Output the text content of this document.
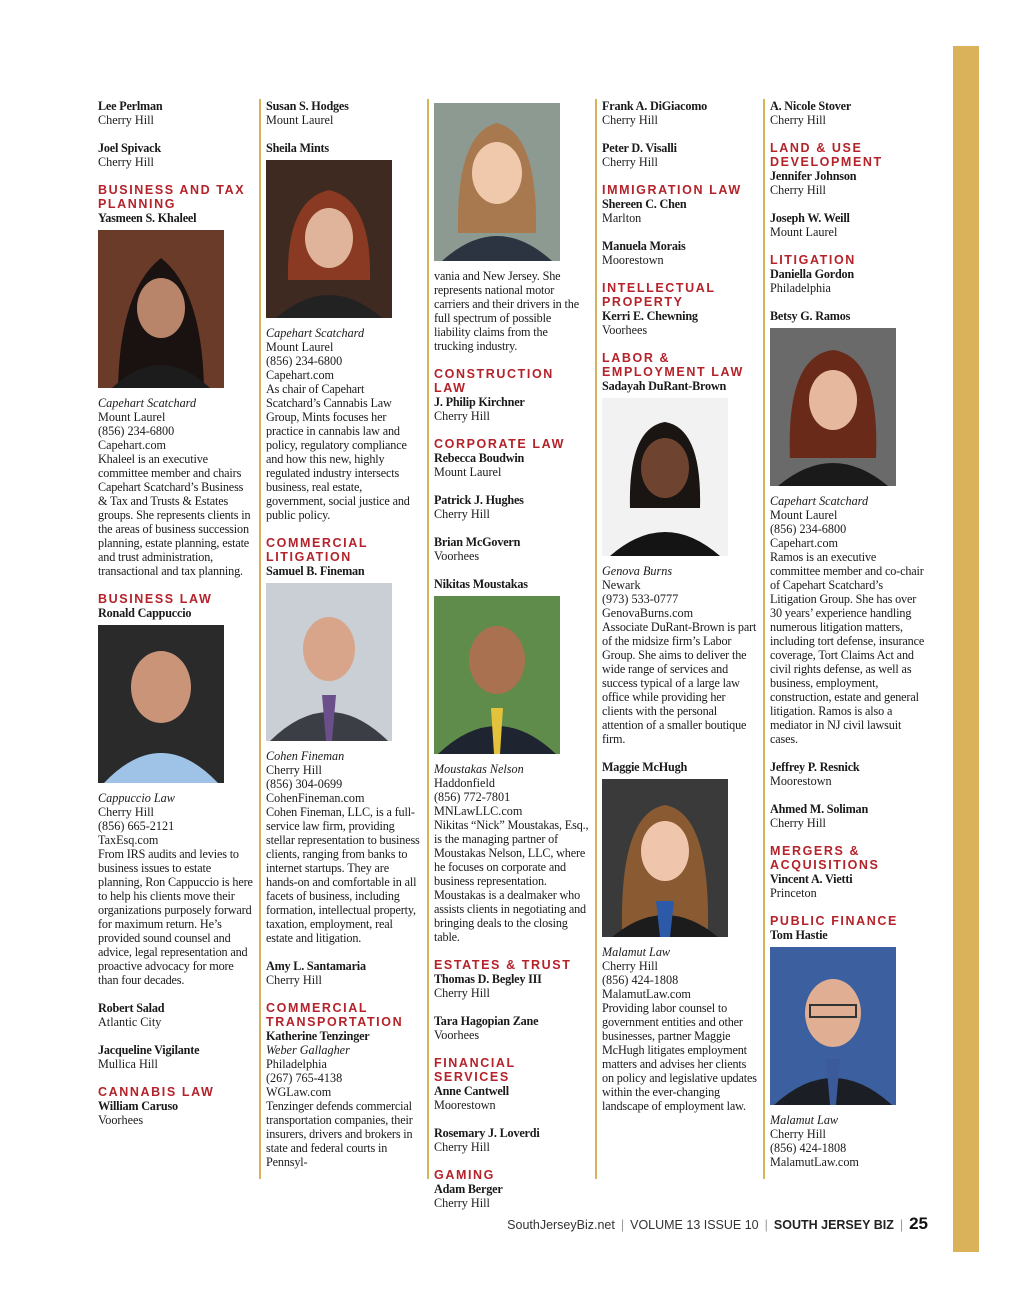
Lee Perlman
Cherry Hill
Joel Spivack
Cherry Hill
BUSINESS AND TAX PLANNING
Yasmeen S. Khaleel
Capehart Scatchard
Mount Laurel
(856) 234-6800
Capehart.com
Khaleel is an executive committee member and chairs Capehart Scatchard’s Business & Tax and Trusts & Estates groups. She represents clients in the areas of business succession planning, estate planning, estate and trust administration, transactional and tax planning.
BUSINESS LAW
Ronald Cappuccio
Cappuccio Law
Cherry Hill
(856) 665-2121
TaxEsq.com
From IRS audits and levies to business issues to estate planning, Ron Cappuccio is here to help his clients move their organizations purposely forward for maximum return. He’s provided sound counsel and advice, legal representation and proactive advocacy for more than four decades.
Robert Salad
Atlantic City
Jacqueline Vigilante
Mullica Hill
CANNABIS LAW
William Caruso
Voorhees
Susan S. Hodges
Mount Laurel
Sheila Mints
Capehart Scatchard
Mount Laurel
(856) 234-6800
Capehart.com
As chair of Capehart Scatchard’s Cannabis Law Group, Mints focuses her practice in cannabis law and policy, regulatory compliance and how this new, highly regulated industry intersects business, real estate, government, social justice and public policy.
COMMERCIAL LITIGATION
Samuel B. Fineman
Cohen Fineman
Cherry Hill
(856) 304-0699
CohenFineman.com
Cohen Fineman, LLC, is a full-service law firm, providing stellar representation to business clients, ranging from banks to internet startups. They are hands-on and comfortable in all facets of business, including formation, intellectual property, taxation, employment, real estate and litigation.
Amy L. Santamaria
Cherry Hill
COMMERCIAL TRANSPORTATION
Katherine Tenzinger
Weber Gallagher
Philadelphia
(267) 765-4138
WGLaw.com
Tenzinger defends commercial transportation companies, their insurers, drivers and brokers in state and federal courts in Pennsyl-
vania and New Jersey. She represents national motor carriers and their drivers in the full spectrum of possible liability claims from the trucking industry.
CONSTRUCTION LAW
J. Philip Kirchner
Cherry Hill
CORPORATE LAW
Rebecca Boudwin
Mount Laurel
Patrick J. Hughes
Cherry Hill
Brian McGovern
Voorhees
Nikitas Moustakas
Moustakas Nelson
Haddonfield
(856) 772-7801
MNLawLLC.com
Nikitas “Nick” Moustakas, Esq., is the managing partner of Moustakas Nelson, LLC, where he focuses on corporate and business representation. Moustakas is a dealmaker who assists clients in negotiating and bringing deals to the closing table.
ESTATES & TRUST
Thomas D. Begley III
Cherry Hill
Tara Hagopian Zane
Voorhees
FINANCIAL SERVICES
Anne Cantwell
Moorestown
Rosemary J. Loverdi
Cherry Hill
GAMING
Adam Berger
Cherry Hill
Frank A. DiGiacomo
Cherry Hill
Peter D. Visalli
Cherry Hill
IMMIGRATION LAW
Shereen C. Chen
Marlton
Manuela Morais
Moorestown
INTELLECTUAL PROPERTY
Kerri E. Chewning
Voorhees
LABOR & EMPLOYMENT LAW
Sadayah DuRant-Brown
Genova Burns
Newark
(973) 533-0777
GenovaBurns.com
Associate DuRant-Brown is part of the midsize firm’s Labor Group. She aims to deliver the wide range of services and success typical of a large law office while providing her clients with the personal attention of a smaller boutique firm.
Maggie McHugh
Malamut Law
Cherry Hill
(856) 424-1808
MalamutLaw.com
Providing labor counsel to government entities and other businesses, partner Maggie McHugh litigates employment matters and advises her clients on policy and legislative updates within the ever-changing landscape of employment law.
A. Nicole Stover
Cherry Hill
LAND & USE DEVELOPMENT
Jennifer Johnson
Cherry Hill
Joseph W. Weill
Mount Laurel
LITIGATION
Daniella Gordon
Philadelphia
Betsy G. Ramos
Capehart Scatchard
Mount Laurel
(856) 234-6800
Capehart.com
Ramos is an executive committee member and co-chair of Capehart Scatchard’s Litigation Group. She has over 30 years’ experience handling numerous litigation matters, including tort defense, insurance coverage, Tort Claims Act and civil rights defense, as well as business, employment, construction, estate and general litigation. Ramos is also a mediator in NJ civil lawsuit cases.
Jeffrey P. Resnick
Moorestown
Ahmed M. Soliman
Cherry Hill
MERGERS & ACQUISITIONS
Vincent A. Vietti
Princeton
PUBLIC FINANCE
Tom Hastie
Malamut Law
Cherry Hill
(856) 424-1808
MalamutLaw.com
SouthJerseyBiz.net | VOLUME 13 ISSUE 10 | SOUTH JERSEY BIZ | 25
